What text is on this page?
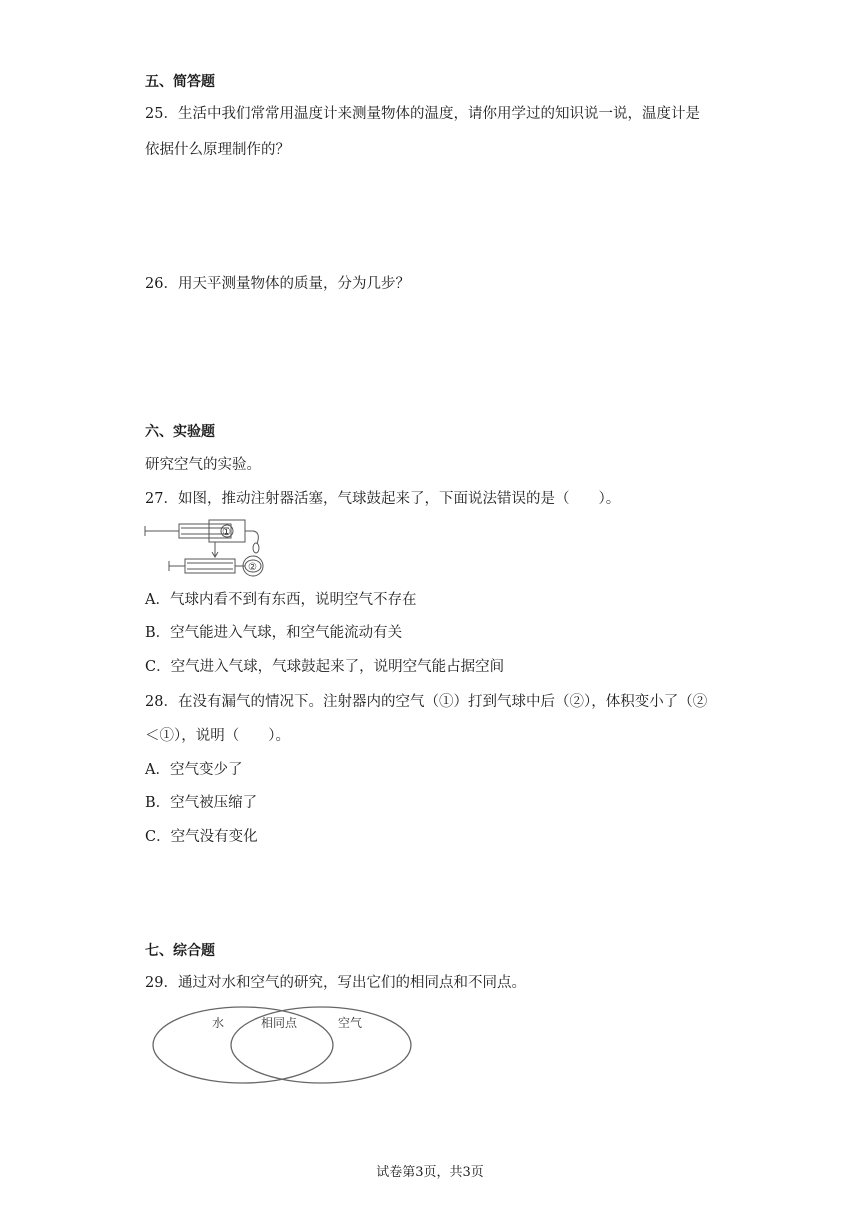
五、简答题
25．生活中我们常常用温度计来测量物体的温度，请你用学过的知识说一说，温度计是
依据什么原理制作的？
26．用天平测量物体的质量，分为几步？
六、实验题
研究空气的实验。
27．如图，推动注射器活塞，气球鼓起来了，下面说法错误的是（　　）。
①
②
A．气球内看不到有东西，说明空气不存在
B．空气能进入气球，和空气能流动有关
C．空气进入气球，气球鼓起来了，说明空气能占据空间
28．在没有漏气的情况下。注射器内的空气（①）打到气球中后（②），体积变小了（②
＜①），说明（　　）。
A．空气变少了
B．空气被压缩了
C．空气没有变化
七、综合题
29．通过对水和空气的研究，写出它们的相同点和不同点。
水	相同点	空气
试卷第3页，共3页
